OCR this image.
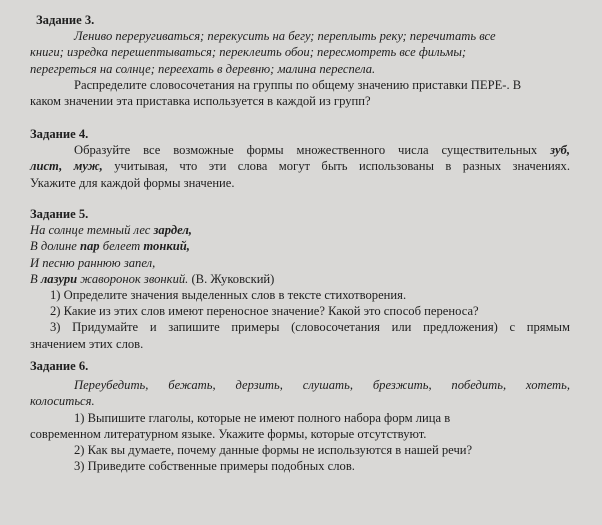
Задание 3.
Лениво переругиваться; перекусить на бегу; переплыть реку; перечитать все
книги; изредка перешептываться; переклеить обои; пересмотреть все фильмы;
перегреться на солнце; переехать в деревню; малина переспела.
Распределите словосочетания на группы по общему значению приставки ПЕРЕ-. В
каком значении эта приставка используется в каждой из групп?
Задание 4.
Образуйте все возможные формы множественного числа существительных зуб,
лист, муж, учитывая, что эти слова могут быть использованы в разных значениях.
Укажите для каждой формы значение.
Задание 5.
На солнце темный лес зардел,
В долине пар белеет тонкий,
И песню раннюю запел,
В лазури жаворонок звонкий. (В. Жуковский)
1) Определите значения выделенных слов в тексте стихотворения.
2) Какие из этих слов имеют переносное значение? Какой это способ переноса?
3) Придумайте и запишите примеры (словосочетания или предложения) с прямым
значением этих слов.
Задание 6.
Переубедить, бежать, дерзить, слушать, брезжить, победить, хотеть,
колоситься.
1) Выпишите глаголы, которые не имеют полного набора форм лица в
современном литературном языке. Укажите формы, которые отсутствуют.
2) Как вы думаете, почему данные формы не используются в нашей речи?
3) Приведите собственные примеры подобных слов.
